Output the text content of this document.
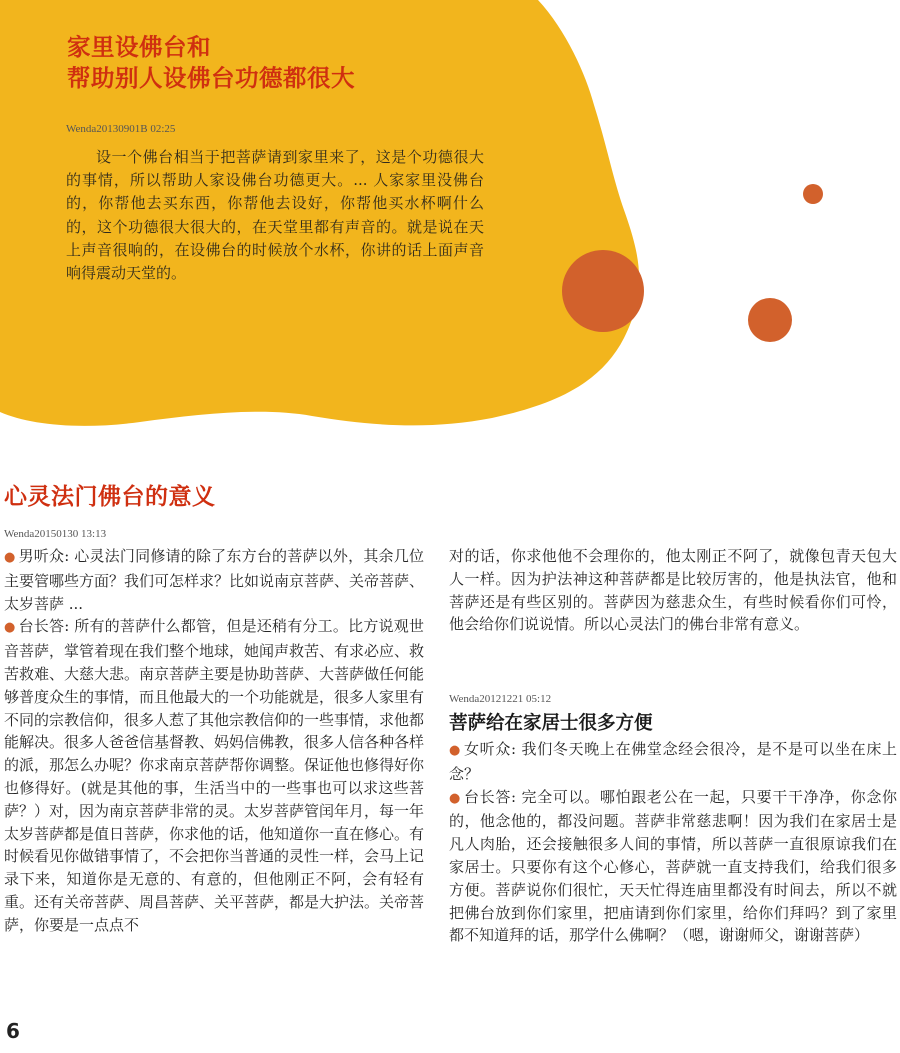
家里设佛台和
帮助别人设佛台功德都很大
Wenda20130901B 02:25
设一个佛台相当于把菩萨请到家里来了，这是个功德很大的事情，所以帮助人家设佛台功德更大。... 人家家里没佛台的，你帮他去买东西，你帮他去设好，你帮他买水杯啊什么的，这个功德很大很大的，在天堂里都有声音的。就是说在天上声音很响的，在设佛台的时候放个水杯，你讲的话上面声音响得震动天堂的。
心灵法门佛台的意义
Wenda20150130 13:13

● 男听众: 心灵法门同修请的除了东方台的菩萨以外，其余几位主要管哪些方面？我们可怎样求？比如说南京菩萨、关帝菩萨、太岁菩萨 ...

● 台长答: 所有的菩萨什么都管，但是还稍有分工。比方说观世音菩萨，掌管着现在我们整个地球，她闻声救苦、有求必应、救苦救难、大慈大悲。南京菩萨主要是协助菩萨、大菩萨做任何能够普度众生的事情，而且他最大的一个功能就是，很多人家里有不同的宗教信仰，很多人惹了其他宗教信仰的一些事情，求他都能解决。很多人爸爸信基督教、妈妈信佛教，很多人信各种各样的派，那怎么办呢？你求南京菩萨帮你调整。保证他也修得好你也修得好。(就是其他的事，生活当中的一些事也可以求这些菩萨？）对，因为南京菩萨非常的灵。太岁菩萨管闰年月，每一年太岁菩萨都是值日菩萨，你求他的话，他知道你一直在修心。有时候看见你做错事情了，不会把你当普通的灵性一样，会马上记录下来，知道你是无意的、有意的，但他刚正不阿，会有轻有重。还有关帝菩萨、周昌菩萨、关平菩萨，都是大护法。关帝菩萨，你要是一点点不

对的话，你求他他不会理你的，他太刚正不阿了，就像包青天包大人一样。因为护法神这种菩萨都是比较厉害的，他是执法官，他和菩萨还是有些区别的。菩萨因为慈悲众生，有些时候看你们可怜，他会给你们说说情。所以心灵法门的佛台非常有意义。

Wenda20121221 05:12
菩萨给在家居士很多方便

● 女听众: 我们冬天晚上在佛堂念经会很冷，是不是可以坐在床上念？

● 台长答: 完全可以。哪怕跟老公在一起，只要干干净净，你念你的，他念他的，都没问题。菩萨非常慈悲啊！因为我们在家居士是凡人肉胎，还会接触很多人间的事情，所以菩萨一直很原谅我们在家居士。只要你有这个心修心，菩萨就一直支持我们，给我们很多方便。菩萨说你们很忙，天天忙得连庙里都没有时间去，所以不就把佛台放到你们家里，把庙请到你们家里，给你们拜吗？到了家里都不知道拜的话，那学什么佛啊？（嗯，谢谢师父，谢谢菩萨）

6
